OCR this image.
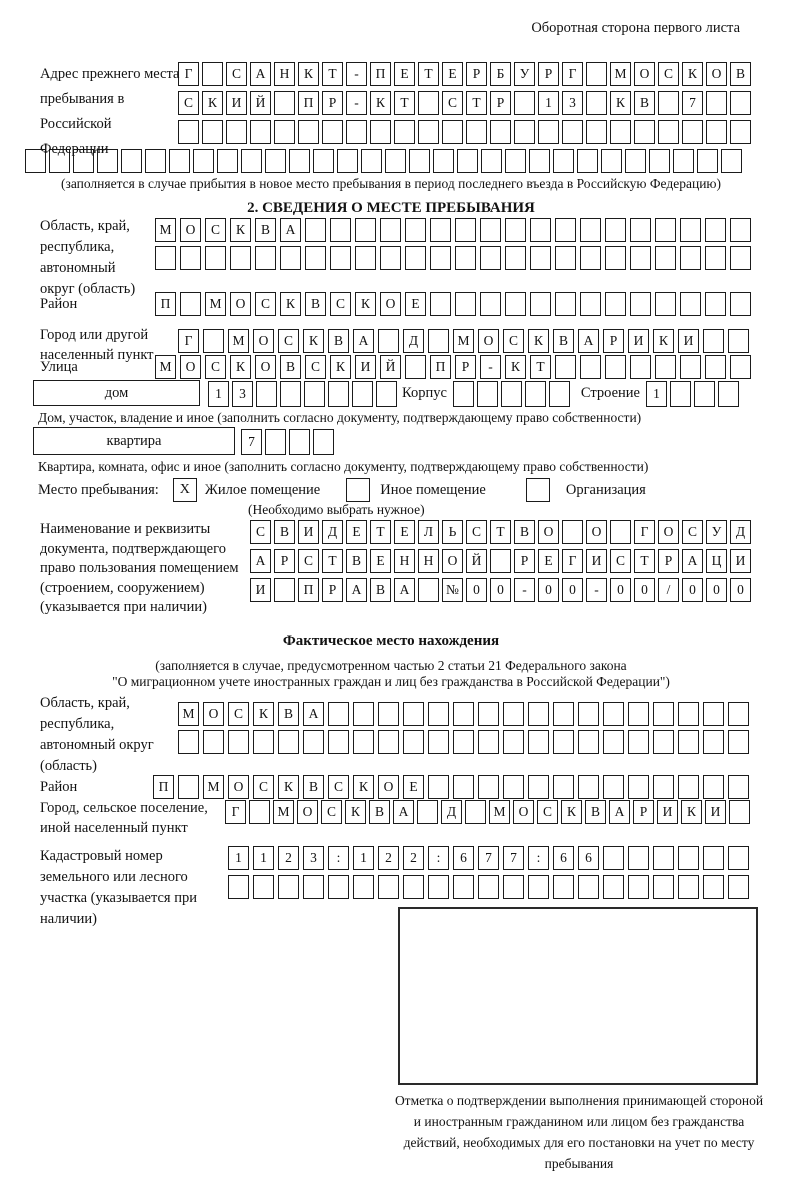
Оборотная сторона первого листа
Адрес прежнего места пребывания в Российской Федерации
Г	С	А	Н	К	Т	-	П	Е	Т	Е	Р	Б	У	Р	Г	М О	С	К	О	В
С	К	И	Й	П	Р	-	К	Т	С	Т	Р	1	3	К	В	7
(заполняется в случае прибытия в новое место пребывания в период последнего въезда в Российскую Федерацию)
2. СВЕДЕНИЯ О МЕСТЕ ПРЕБЫВАНИЯ
Область, край, республика, автономный округ (область)
М	О	С	К	В	А
Район	П	М	О	С	К	В	С	К	О	Е
Город или другой населенный пункт
Г	М	О	С	К	В	А	Д	М	О	С	К	В	А	Р	И	К	И
Улица	М	О	С	К	О	В	С	К	И	Й	П	Р	-	К	Т
дом	1	3	Корпус	Строение 1
Дом, участок, владение и иное (заполнить согласно документу, подтверждающему право собственности)
квартира	7
Квартира, комната, офис и иное (заполнить согласно документу, подтверждающему право собственности)
Место пребывания:	X	Жилое помещение	Иное помещение	Организация
(Необходимо выбрать нужное)
Наименование и реквизиты документа, подтверждающего право пользования помещением (строением, сооружением) (указывается при наличии)
С	В	И	Д	Е	Т	Е	Л	Ь	С	Т	В	О	О	Г	О	С	У	Д
А	Р	С	Т	В	Е	Н	Н	О	Й	Р	Е	Г	И	С	Т	Р	А	Ц	И
И	П	Р	А	В	А	№	0	0	-	0	0	-	0	0	/	0	0	0
Фактическое место нахождения
(заполняется в случае, предусмотренном частью 2 статьи 21 Федерального закона
"О миграционном учете иностранных граждан и лиц без гражданства в Российской Федерации")
Область, край, республика, автономный округ (область)
М	О	С	К	В	А
Район	П	М	О	С	К	В	С	К	О	Е
Город, сельское поселение, иной населенный пункт
Г	М О	С	К	В	А	Д	М О	С	К	В	А	Р	И	К	И
Кадастровый номер земельного или лесного участка (указывается при наличии)
1	1	2	3	:	1	2	2	:	6	7	7	:	6	6
Отметка о подтверждении выполнения принимающей стороной и иностранным гражданином или лицом без гражданства действий, необходимых для его постановки на учет по месту пребывания
